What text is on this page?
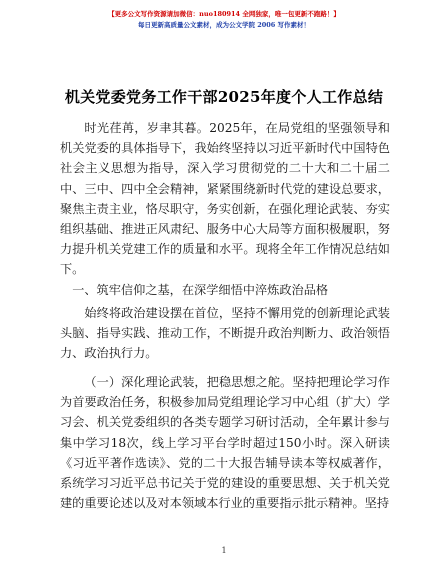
【更多公文写作资源请加微信：nuo180914 全网独家，唯一包更新不跑路！】
每日更新高质量公文素材，成为公文学院 2006 写作素材！
机关党委党务工作干部2025年度个人工作总结

时光荏苒，岁聿其暮。2025年，在局党组的坚强领导和机关党委的具体指导下，我始终坚持以习近平新时代中国特色社会主义思想为指导，深入学习贯彻党的二十大和二十届二中、三中、四中全会精神，紧紧围绕新时代党的建设总要求，聚焦主责主业，恪尽职守，务实创新，在强化理论武装、夯实组织基础、推进正风肃纪、服务中心大局等方面积极履职，努力提升机关党建工作的质量和水平。现将全年工作情况总结如下。

一、筑牢信仰之基，在深学细悟中淬炼政治品格

始终将政治建设摆在首位，坚持不懈用党的创新理论武装头脑、指导实践、推动工作，不断提升政治判断力、政治领悟力、政治执行力。

（一）深化理论武装，把稳思想之舵。坚持把理论学习作为首要政治任务，积极参加局党组理论学习中心组（扩大）学习会、机关党委组织的各类专题学习研讨活动，全年累计参与集中学习18次，线上学习平台学时超过150小时。深入研读《习近平著作选读》、党的二十大报告辅导读本等权威著作，系统学习习近平总书记关于党的建设的重要思想、关于机关党建的重要论述以及对本领域本行业的重要指示批示精神。坚持

1
